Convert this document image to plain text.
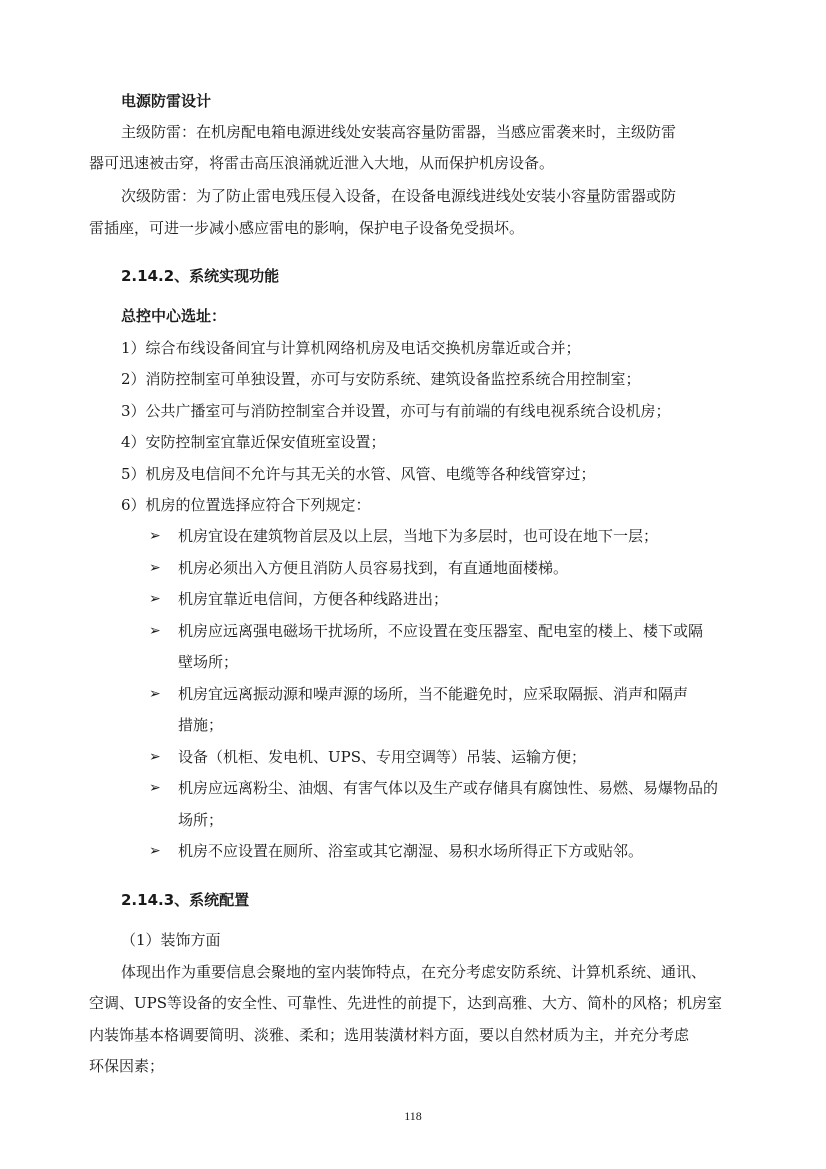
电源防雷设计
主级防雷：在机房配电箱电源进线处安装高容量防雷器，当感应雷袭来时，主级防雷
器可迅速被击穿，将雷击高压浪涌就近泄入大地，从而保护机房设备。
次级防雷：为了防止雷电残压侵入设备，在设备电源线进线处安装小容量防雷器或防
雷插座，可进一步减小感应雷电的影响，保护电子设备免受损坏。
2.14.2、系统实现功能
总控中心选址：
1）综合布线设备间宜与计算机网络机房及电话交换机房靠近或合并；
2）消防控制室可单独设置，亦可与安防系统、建筑设备监控系统合用控制室；
3）公共广播室可与消防控制室合并设置，亦可与有前端的有线电视系统合设机房；
4）安防控制室宜靠近保安值班室设置；
5）机房及电信间不允许与其无关的水管、风管、电缆等各种线管穿过；
6）机房的位置选择应符合下列规定：
➢ 机房宜设在建筑物首层及以上层，当地下为多层时，也可设在地下一层；
➢ 机房必须出入方便且消防人员容易找到，有直通地面楼梯。
➢ 机房宜靠近电信间，方便各种线路进出；
➢ 机房应远离强电磁场干扰场所，不应设置在变压器室、配电室的楼上、楼下或隔
壁场所；
➢ 机房宜远离振动源和噪声源的场所，当不能避免时，应采取隔振、消声和隔声
措施；
➢ 设备（机柜、发电机、UPS、专用空调等）吊装、运输方便；
➢ 机房应远离粉尘、油烟、有害气体以及生产或存储具有腐蚀性、易燃、易爆物品的
场所；
➢ 机房不应设置在厕所、浴室或其它潮湿、易积水场所得正下方或贴邻。
2.14.3、系统配置
（1）装饰方面
体现出作为重要信息会聚地的室内装饰特点，在充分考虑安防系统、计算机系统、通讯、
空调、UPS等设备的安全性、可靠性、先进性的前提下，达到高雅、大方、简朴的风格；机房室
内装饰基本格调要简明、淡雅、柔和；选用装潢材料方面，要以自然材质为主，并充分考虑
环保因素；
118
